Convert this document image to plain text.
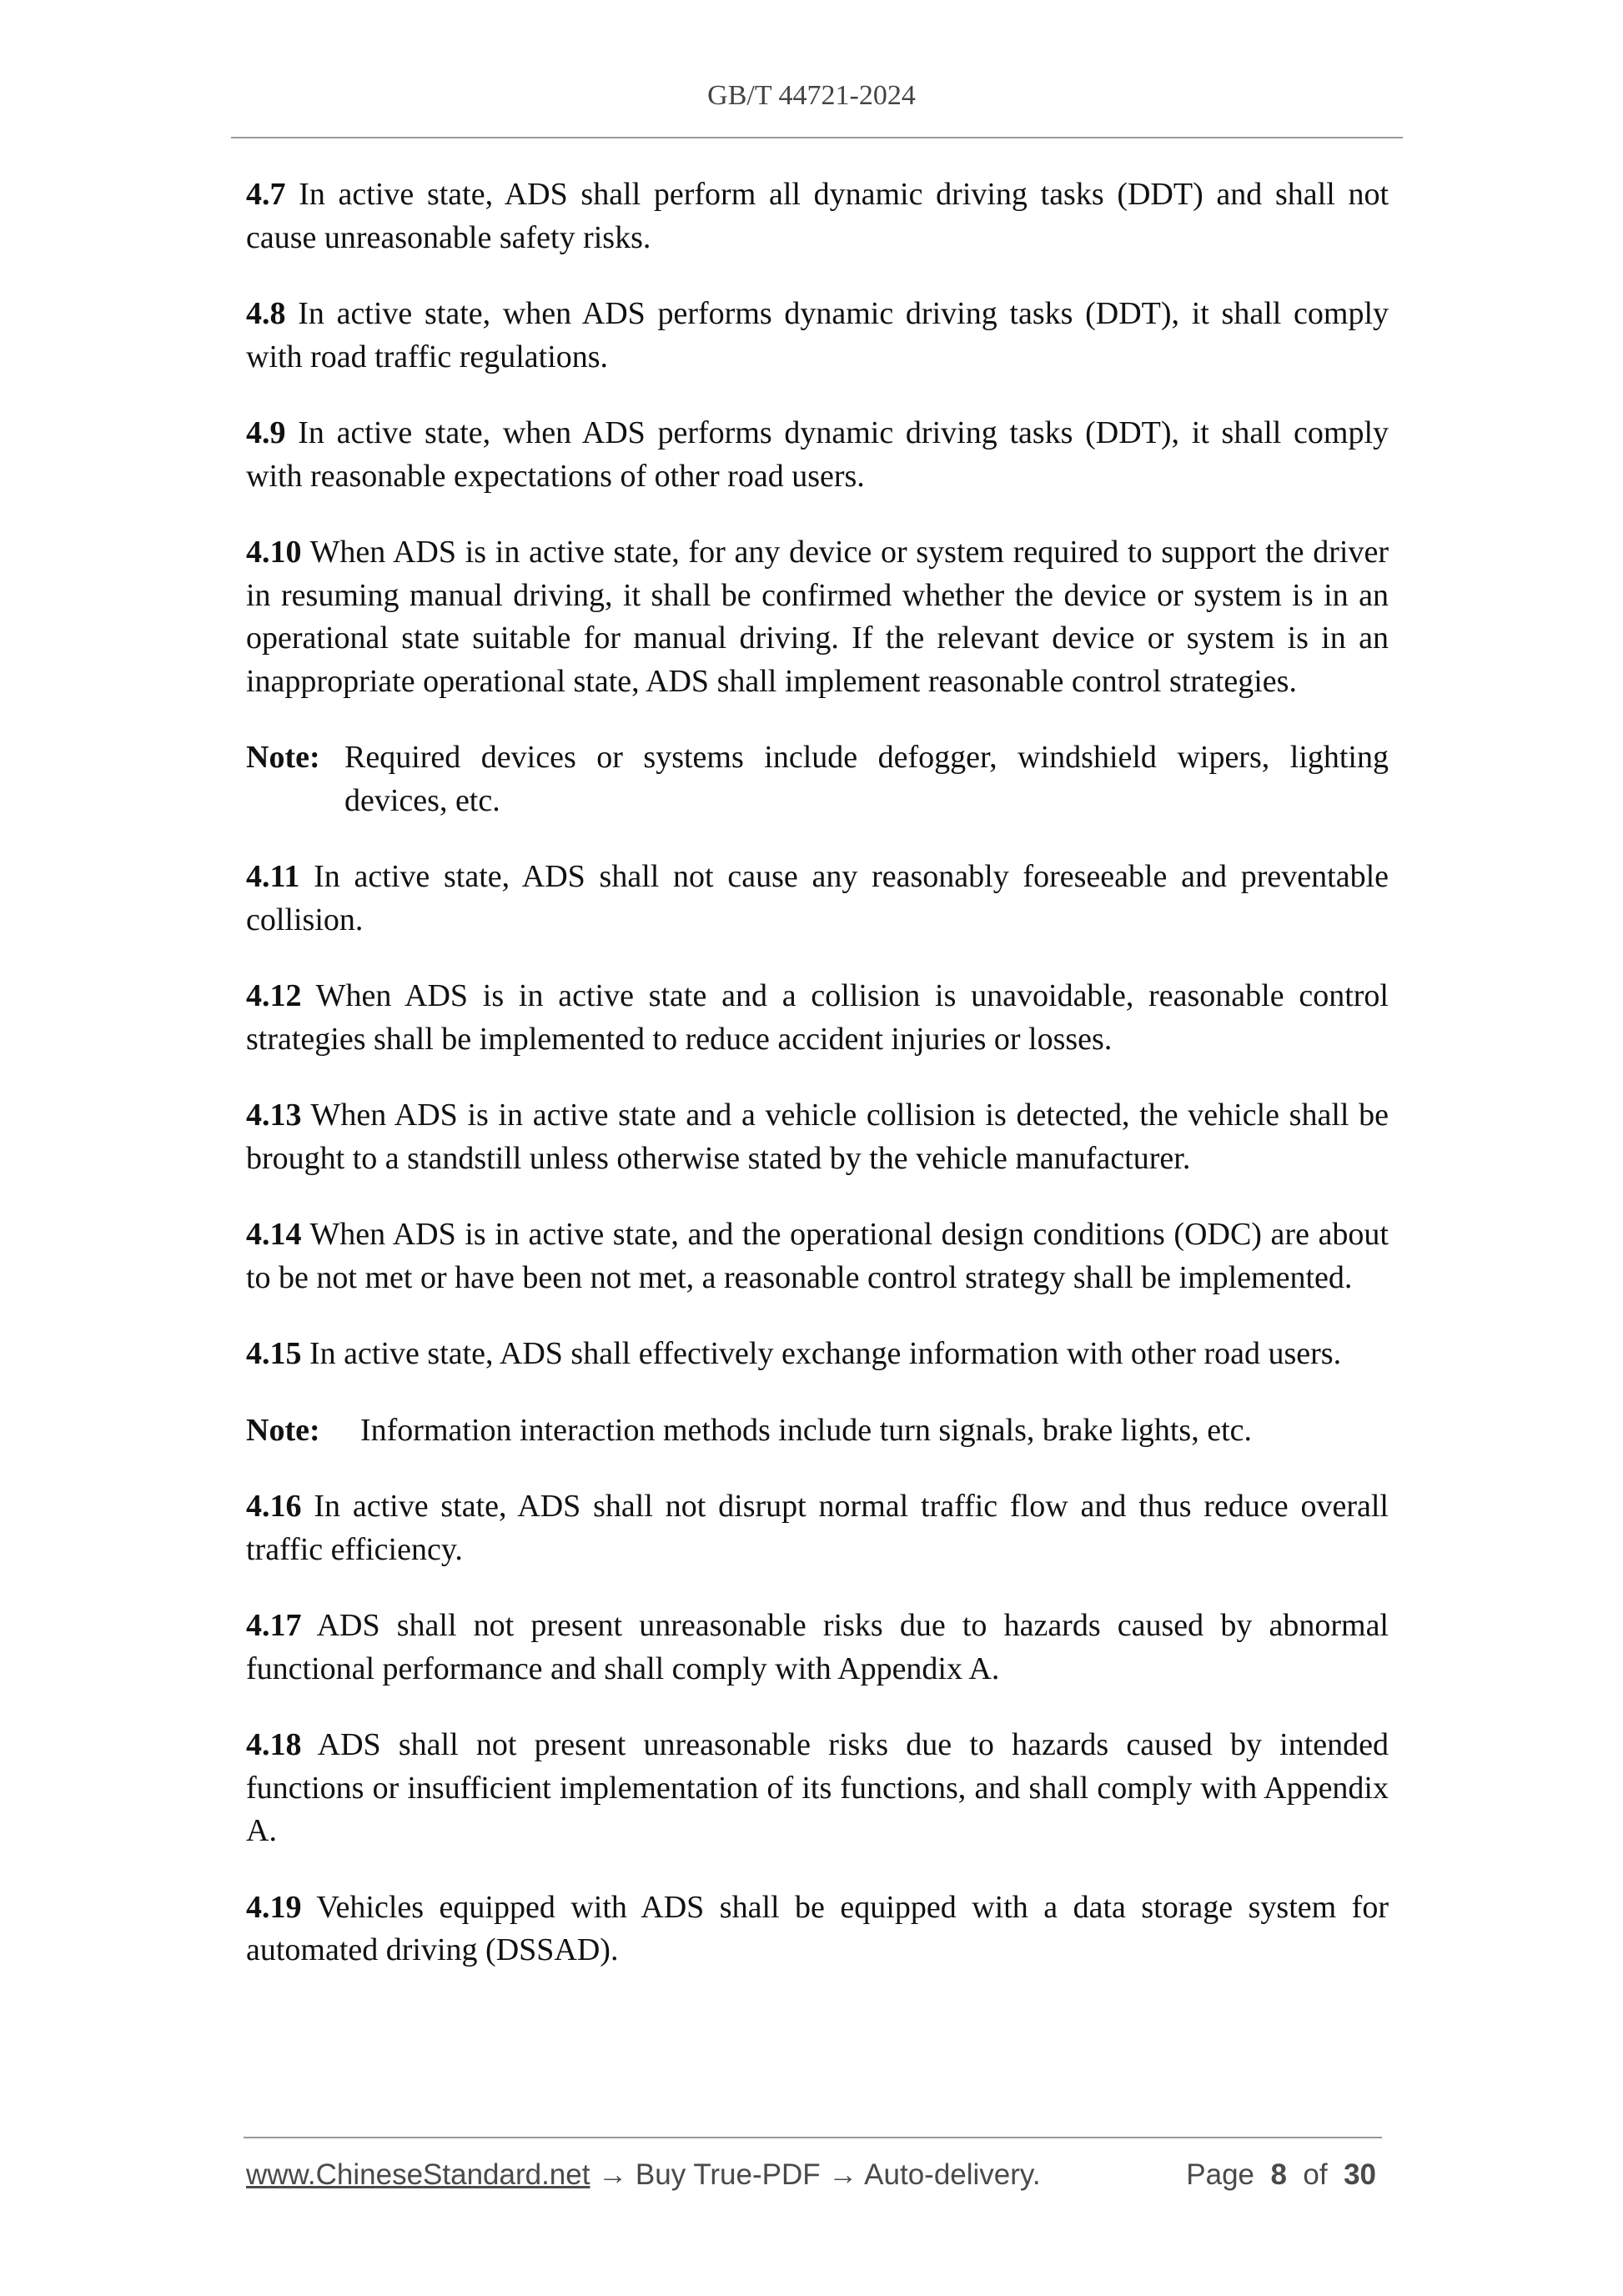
GB/T 44721-2024

4.7 In active state, ADS shall perform all dynamic driving tasks (DDT) and shall not cause unreasonable safety risks.

4.8 In active state, when ADS performs dynamic driving tasks (DDT), it shall comply with road traffic regulations.

4.9 In active state, when ADS performs dynamic driving tasks (DDT), it shall comply with reasonable expectations of other road users.

4.10 When ADS is in active state, for any device or system required to support the driver in resuming manual driving, it shall be confirmed whether the device or system is in an operational state suitable for manual driving. If the relevant device or system is in an inappropriate operational state, ADS shall implement reasonable control strategies.

Note: Required devices or systems include defogger, windshield wipers, lighting devices, etc.

4.11 In active state, ADS shall not cause any reasonably foreseeable and preventable collision.

4.12 When ADS is in active state and a collision is unavoidable, reasonable control strategies shall be implemented to reduce accident injuries or losses.

4.13 When ADS is in active state and a vehicle collision is detected, the vehicle shall be brought to a standstill unless otherwise stated by the vehicle manufacturer.

4.14 When ADS is in active state, and the operational design conditions (ODC) are about to be not met or have been not met, a reasonable control strategy shall be implemented.

4.15 In active state, ADS shall effectively exchange information with other road users.

Note:	Information interaction methods include turn signals, brake lights, etc.

4.16 In active state, ADS shall not disrupt normal traffic flow and thus reduce overall traffic efficiency.

4.17 ADS shall not present unreasonable risks due to hazards caused by abnormal functional performance and shall comply with Appendix A.

4.18 ADS shall not present unreasonable risks due to hazards caused by intended functions or insufficient implementation of its functions, and shall comply with Appendix A.

4.19 Vehicles equipped with ADS shall be equipped with a data storage system for automated driving (DSSAD).

www.ChineseStandard.net → Buy True-PDF → Auto-delivery.	Page 8 of 30
